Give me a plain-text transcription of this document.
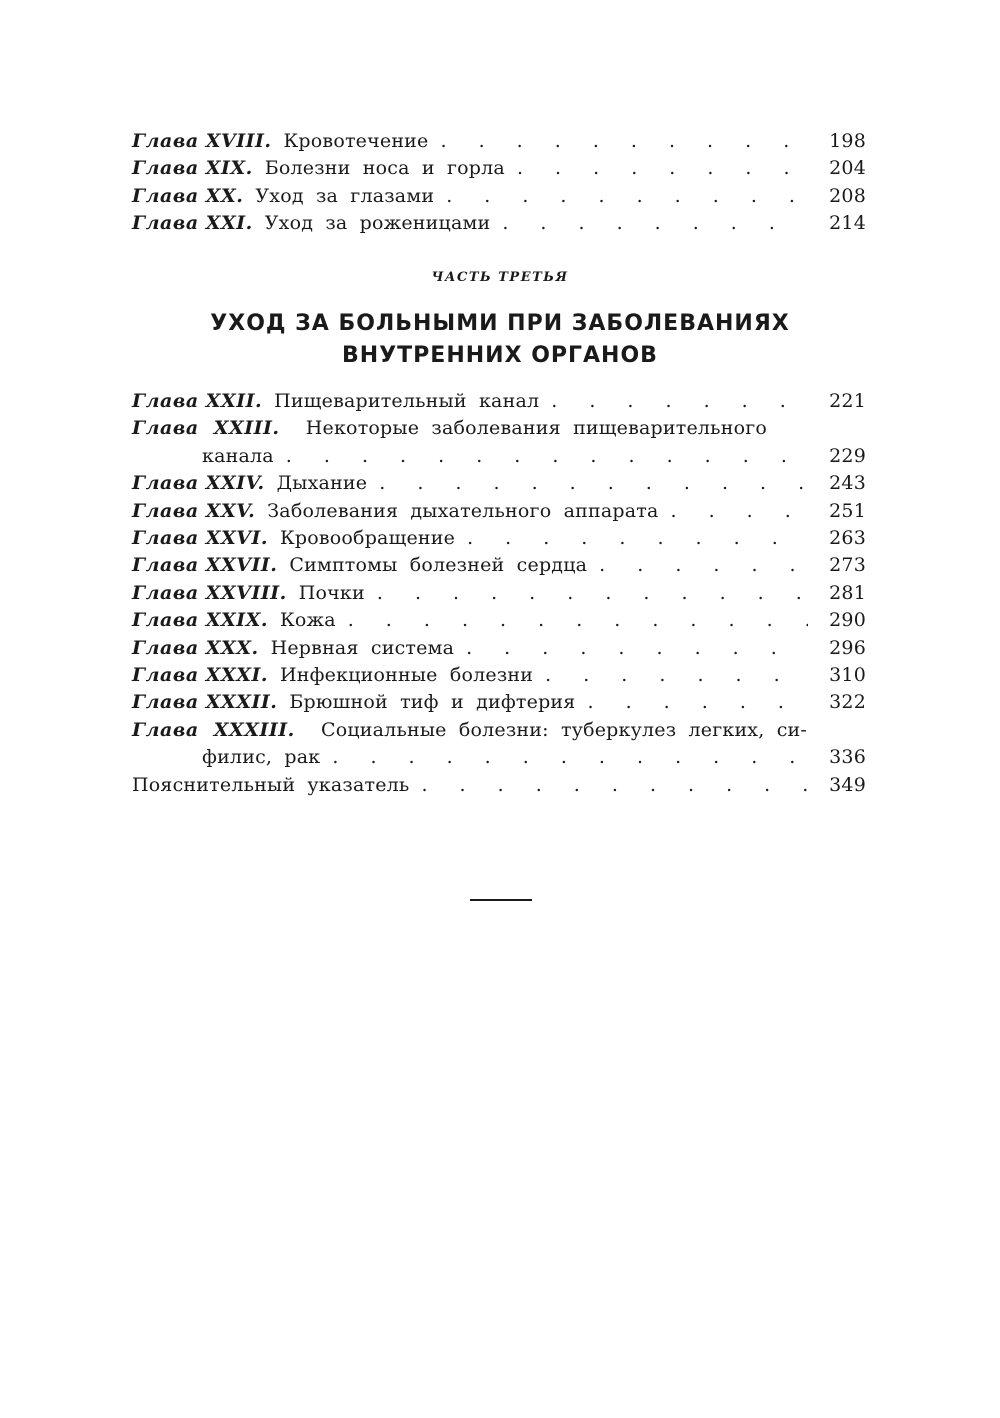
Глава XVIII. Кровотечение . . .	198
Глава XIX. Болезни носа и горла . . .	204
Глава XX. Уход за глазами . . .	208
Глава XXI. Уход за роженицами . . .	214
ЧАСТЬ ТРЕТЬЯ
УХОД ЗА БОЛЬНЫМИ ПРИ ЗАБОЛЕВАНИЯХ ВНУТРЕННИХ ОРГАНОВ
Глава XXII. Пищеварительный канал . . .	221
Глава XXIII. Некоторые заболевания пищеварительного
канала . . .	229
Глава XXIV. Дыхание . . .	243
Глава XXV. Заболевания дыхательного аппарата . . .	251
Глава XXVI. Кровообращение . . .	263
Глава XXVII. Симптомы болезней сердца . . .	273
Глава XXVIII. Почки . . .	281
Глава XXIX. Кожа . . .	290
Глава XXX. Нервная система . . .	296
Глава XXXI. Инфекционные болезни . . .	310
Глава XXXII. Брюшной тиф и дифтерия . . .	322
Глава XXXIII. Социальные болезни: туберкулез легких, си-
филис, рак . . .	336
Пояснительный указатель . . .	349
